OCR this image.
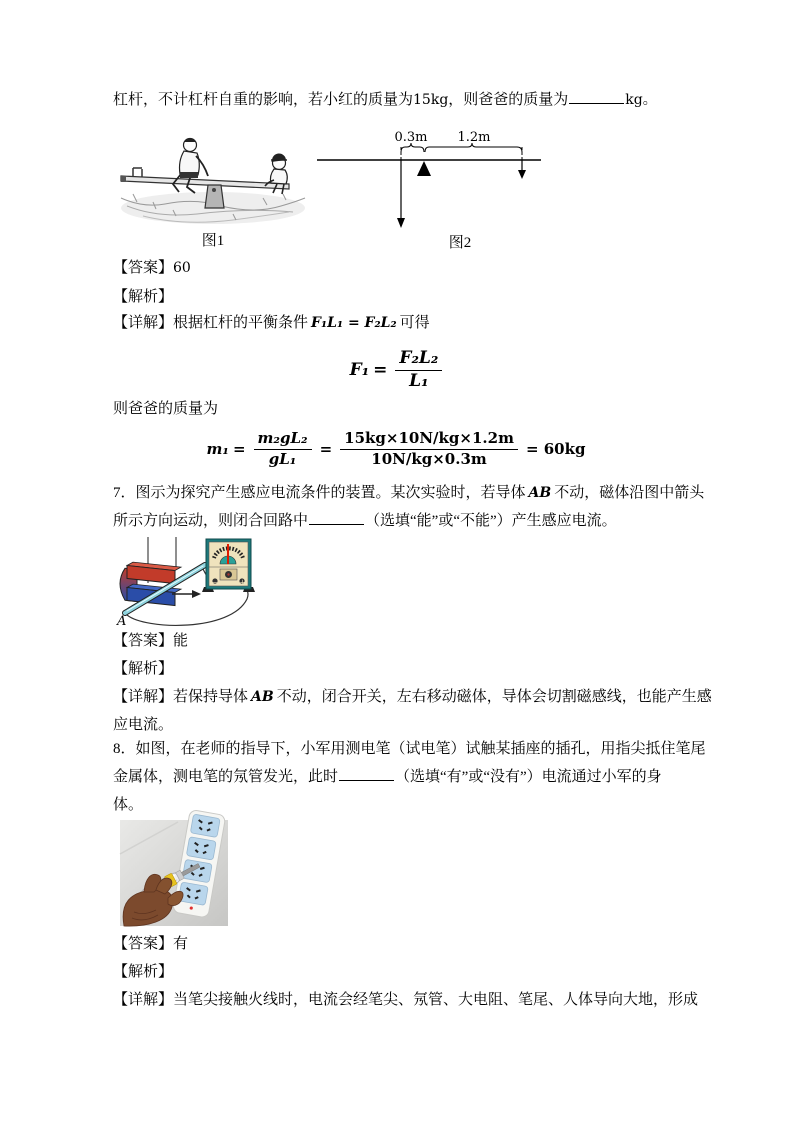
杠杆，不计杠杆自重的影响，若小红的质量为15kg，则爸爸的质量为	kg。
图1
0.3m 1.2m
图2
【答案】60
【解析】
【详解】根据杠杆的平衡条件 F₁L₁ = F₂L₂ 可得
$F_1 = \frac{\text{F₂L₂}}{\text{L₁}}$
则爸爸的质量为
$m_1 = \frac{\text{m₂gL₂}}{\text{gL₁}} = \frac{15kg\times 10N/kg\times 1.2m}{10N/kg\times 0.3m} = 60kg$
7．图示为探究产生感应电流条件的装置。某次实验时，若导体 AB 不动，磁体沿图中箭头
所示方向运动，则闭合回路中	（选填“能”或“不能”）产生感应电流。
A
−	+
【答案】能
【解析】
【详解】若保持导体 AB 不动，闭合开关，左右移动磁体，导体会切割磁感线，也能产生感
应电流。
8．如图，在老师的指导下，小军用测电笔（试电笔）试触某插座的插孔，用指尖抵住笔尾
金属体，测电笔的氖管发光，此时	（选填“有”或“没有”）电流通过小军的身
体。
【答案】有
【解析】
【详解】当笔尖接触火线时，电流会经笔尖、氖管、大电阻、笔尾、人体导向大地，形成
